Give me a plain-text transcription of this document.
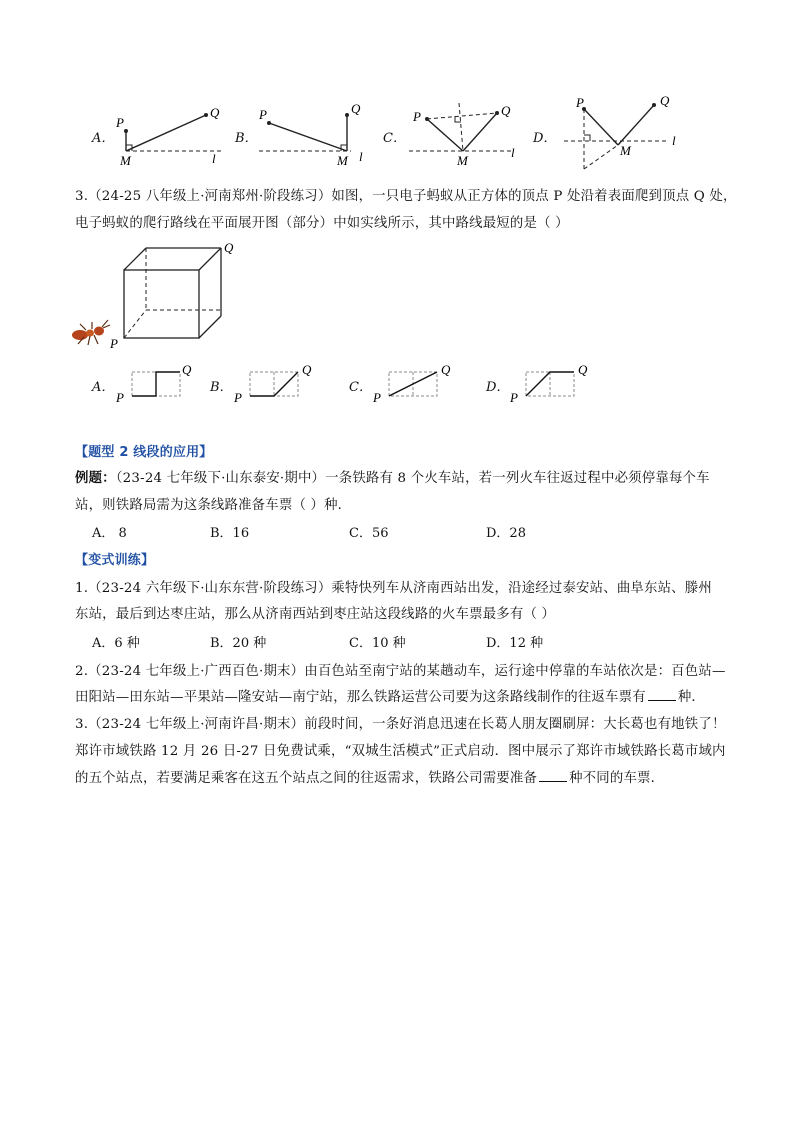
A．
P
Q
M	l
B．
P	Q
M l
C．
P	Q
M
l
D．
P	Q
M
l
3.（24-25 八年级上·河南郑州·阶段练习）如图，一只电子蚂蚁从正方体的顶点 P 处沿着表面爬到顶点 Q 处，
电子蚂蚁的爬行路线在平面展开图（部分）中如实线所示，其中路线最短的是（ ）
P
Q
A．
P
Q
B．
P
Q
C．
P
Q
D．
P
Q
【题型 2 线段的应用】
例题：（23-24 七年级下·山东泰安·期中）一条铁路有 8 个火车站，若一列火车往返过程中必须停靠每个车
站，则铁路局需为这条线路准备车票（ ）种．
A． 8	B．16	C．56	D．28
【变式训练】
1.（23-24 六年级下·山东东营·阶段练习）乘特快列车从济南西站出发，沿途经过泰安站、曲阜东站、滕州
东站，最后到达枣庄站，那么从济南西站到枣庄站这段线路的火车票最多有（ ）
A．6 种	B．20 种	C．10 种	D．12 种
2.（23-24 七年级上·广西百色·期末）由百色站至南宁站的某趟动车，运行途中停靠的车站依次是：百色站—
田阳站—田东站—平果站—隆安站—南宁站，那么铁路运营公司要为这条路线制作的往返车票有 种．
3.（23-24 七年级上·河南许昌·期末）前段时间，一条好消息迅速在长葛人朋友圈刷屏：大长葛也有地铁了！
郑许市域铁路 12 月 26 日-27 日免费试乘，“双城生活模式”正式启动．图中展示了郑许市域铁路长葛市域内
的五个站点，若要满足乘客在这五个站点之间的往返需求，铁路公司需要准备 种不同的车票．
